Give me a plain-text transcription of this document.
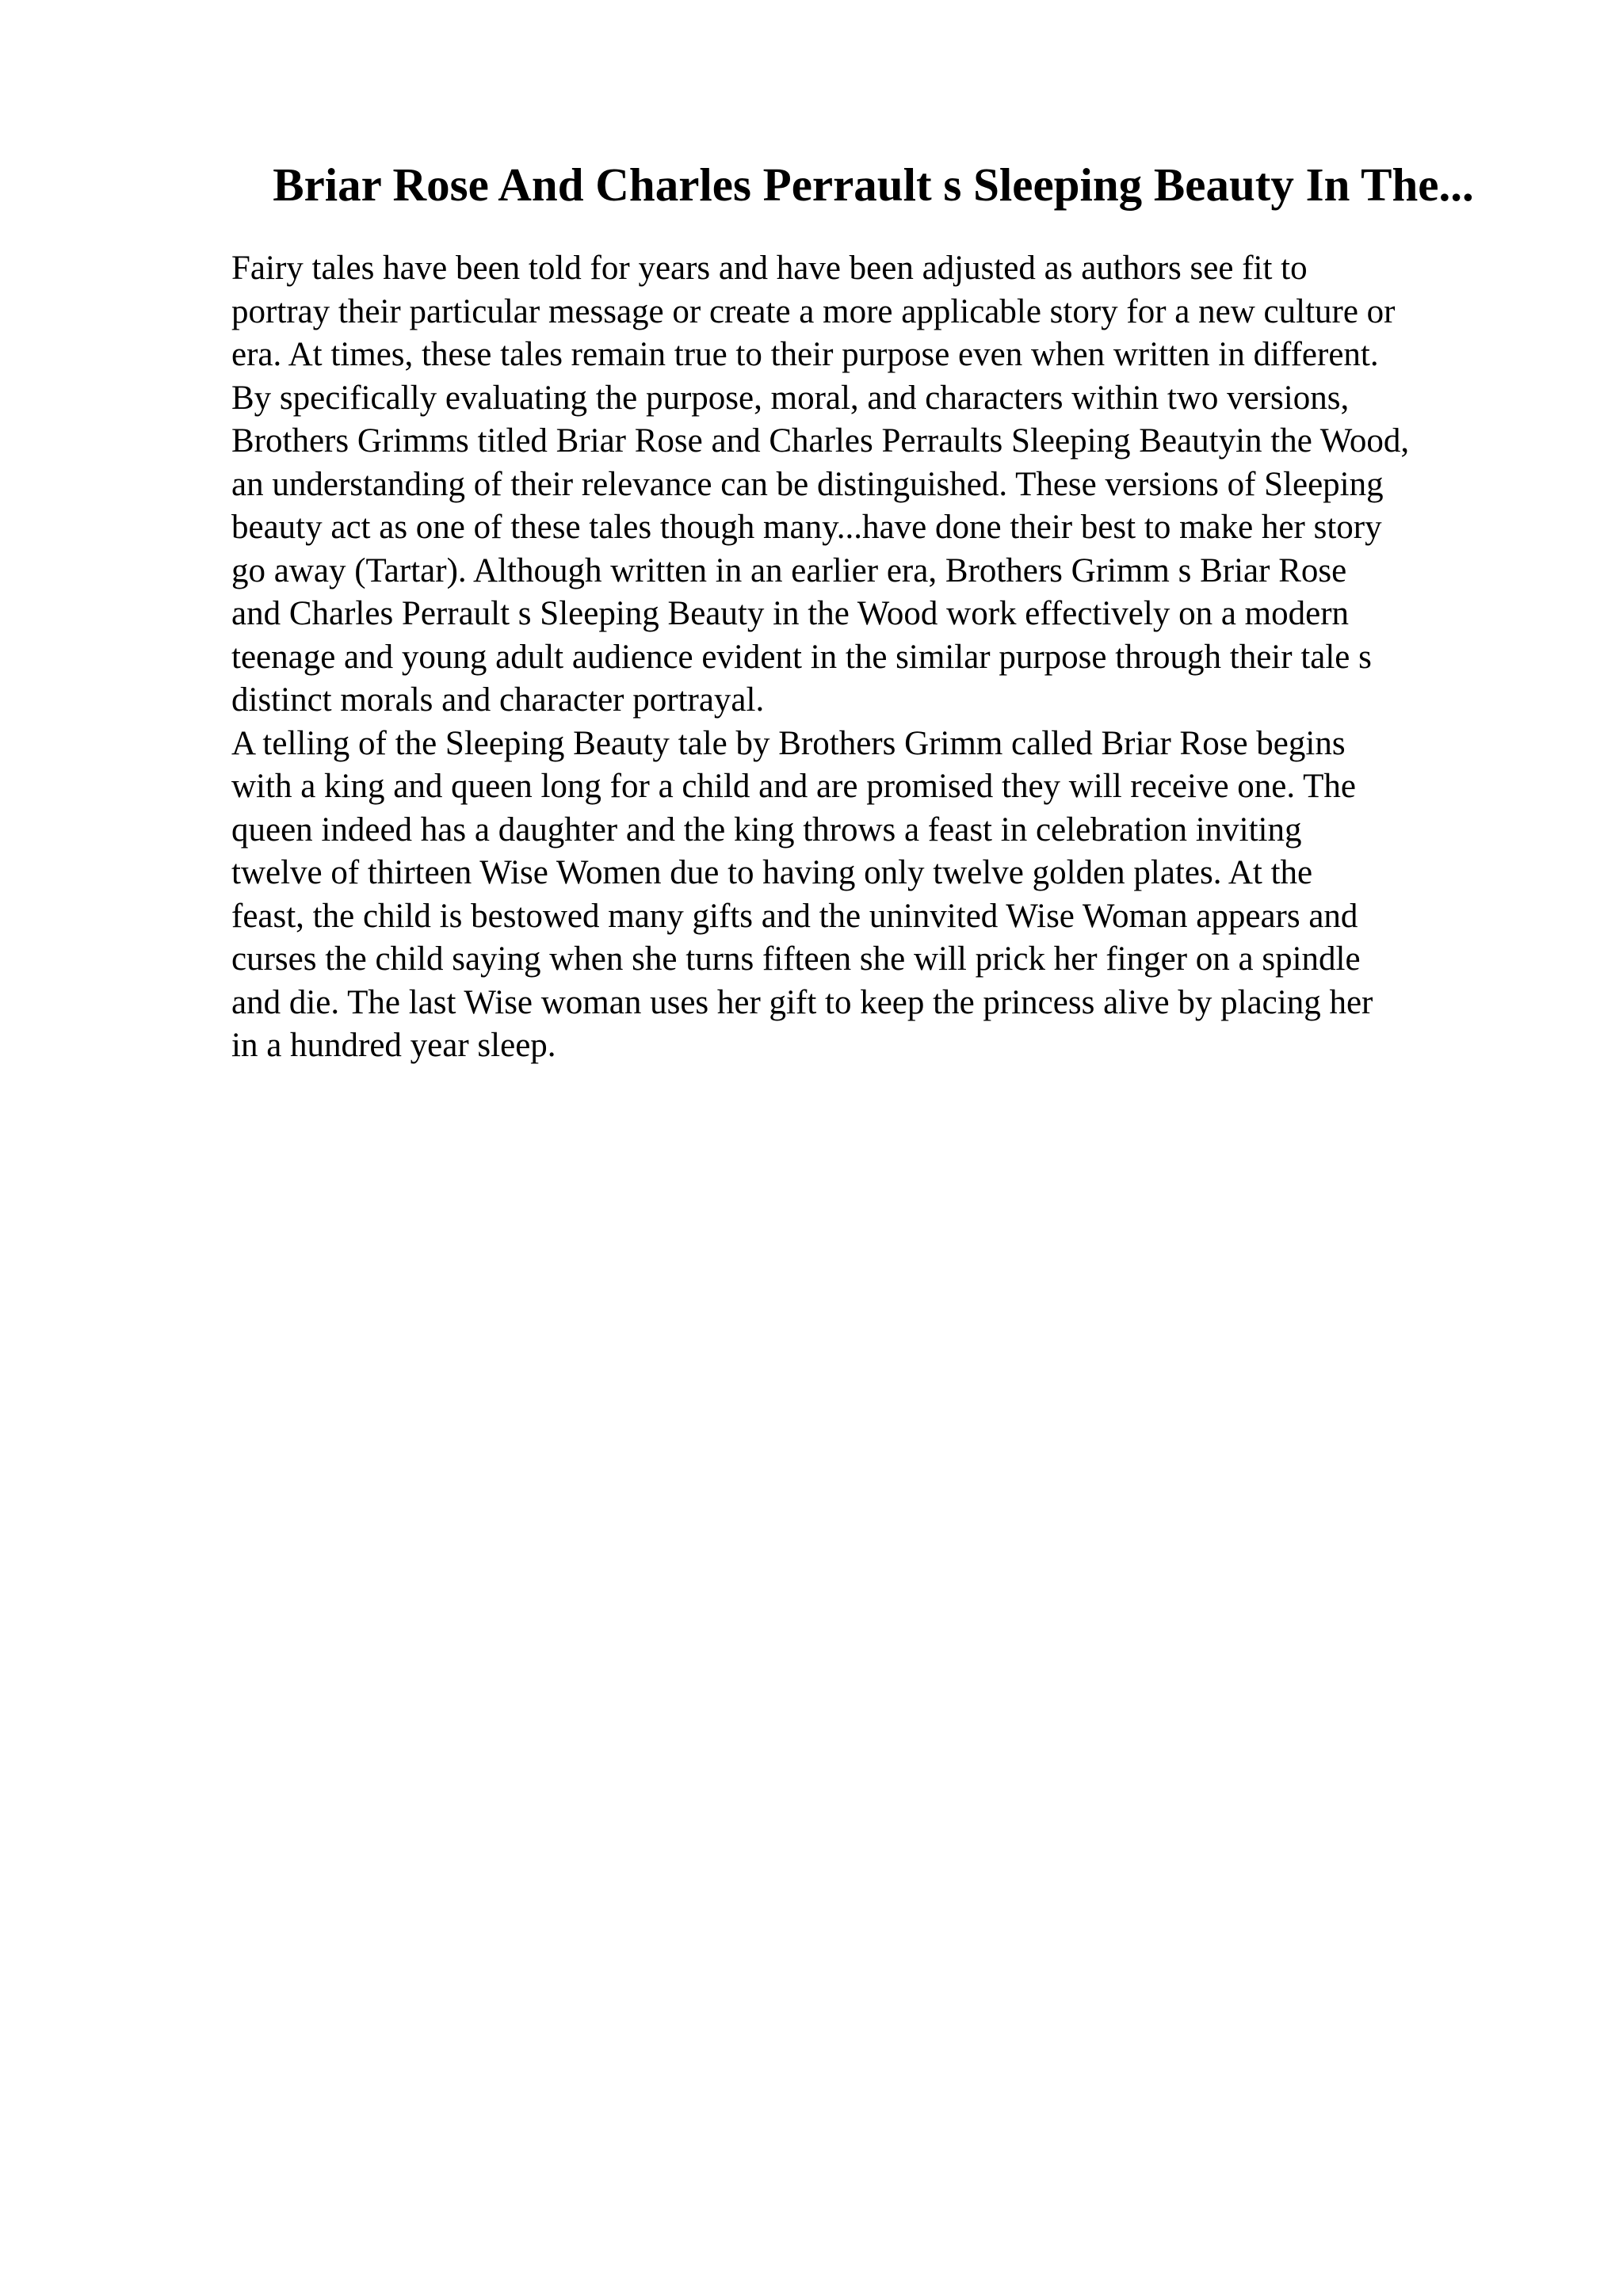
Briar Rose And Charles Perrault s Sleeping Beauty In The...
Fairy tales have been told for years and have been adjusted as authors see fit to
portray their particular message or create a more applicable story for a new culture or
era. At times, these tales remain true to their purpose even when written in different.
By specifically evaluating the purpose, moral, and characters within two versions,
Brothers Grimms titled Briar Rose and Charles Perraults Sleeping Beautyin the Wood,
an understanding of their relevance can be distinguished. These versions of Sleeping
beauty act as one of these tales though many...have done their best to make her story
go away (Tartar). Although written in an earlier era, Brothers Grimm s Briar Rose
and Charles Perrault s Sleeping Beauty in the Wood work effectively on a modern
teenage and young adult audience evident in the similar purpose through their tale s
distinct morals and character portrayal.
A telling of the Sleeping Beauty tale by Brothers Grimm called Briar Rose begins
with a king and queen long for a child and are promised they will receive one. The
queen indeed has a daughter and the king throws a feast in celebration inviting
twelve of thirteen Wise Women due to having only twelve golden plates. At the
feast, the child is bestowed many gifts and the uninvited Wise Woman appears and
curses the child saying when she turns fifteen she will prick her finger on a spindle
and die. The last Wise woman uses her gift to keep the princess alive by placing her
in a hundred year sleep.
